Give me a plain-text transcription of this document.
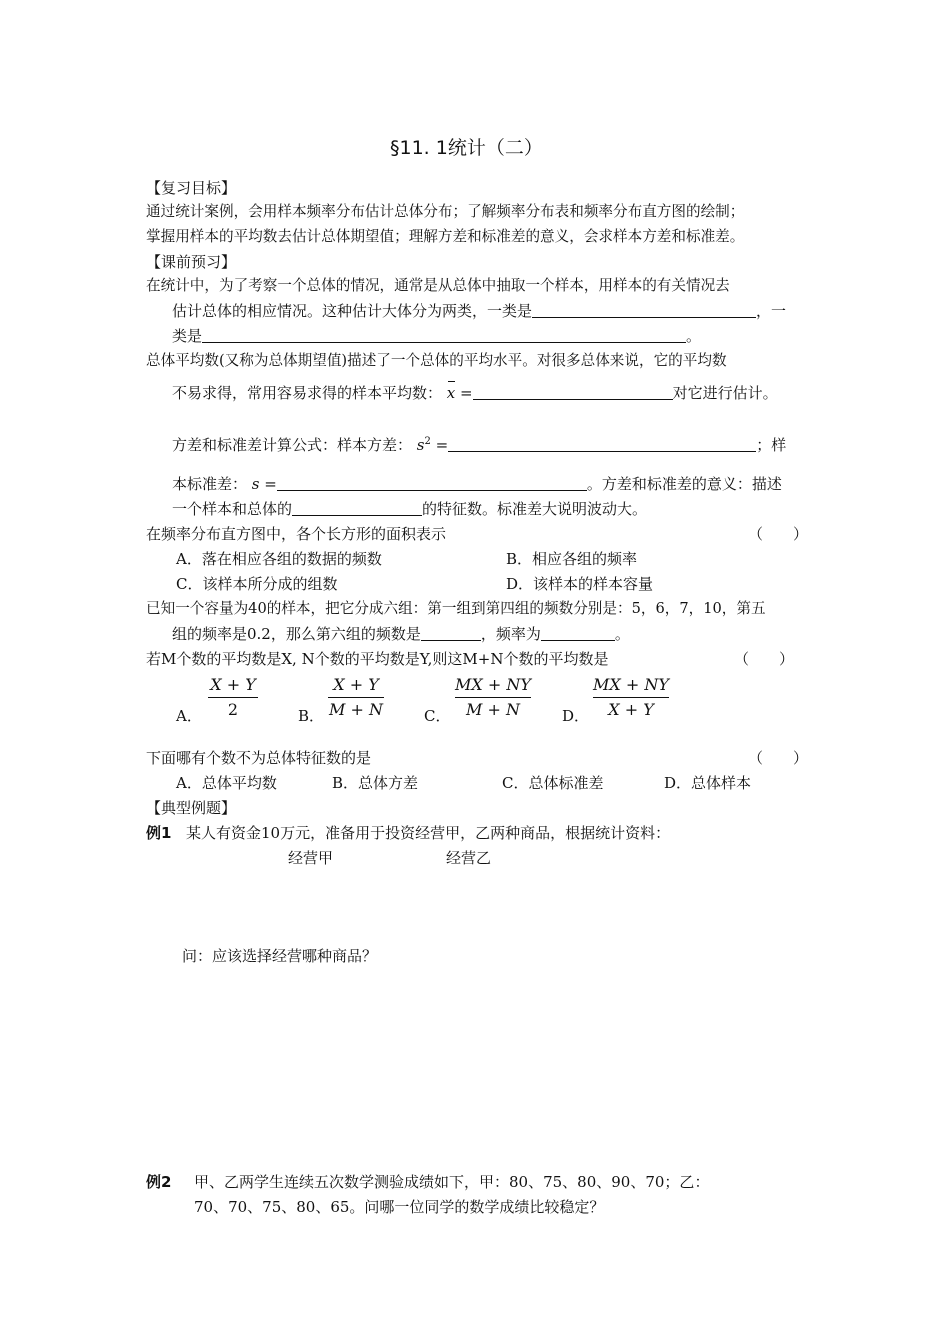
§11. 1统计（二）
【复习目标】
通过统计案例，会用样本频率分布估计总体分布；了解频率分布表和频率分布直方图的绘制；
掌握用样本的平均数去估计总体期望值；理解方差和标准差的意义，会求样本方差和标准差。
【课前预习】
在统计中，为了考察一个总体的情况，通常是从总体中抽取一个样本，用样本的有关情况去
估计总体的相应情况。这种估计大体分为两类，一类是	，一
类是	。
总体平均数(又称为总体期望值)描述了一个总体的平均水平。对很多总体来说，它的平均数
不易求得，常用容易求得的样本平均数： x =	对它进行估计。
方差和标准差计算公式：样本方差： $s^2$ =	；样
本标准差： s =	。方差和标准差的意义：描述
一个样本和总体的	的特征数。标准差大说明波动大。
在频率分布直方图中，各个长方形的面积表示	（　　）
A．落在相应各组的数据的频数	B．相应各组的频率
C．该样本所分成的组数	D．该样本的样本容量
已知一个容量为40的样本，把它分成六组：第一组到第四组的频数分别是：5，6，7，10，第五
组的频率是0.2，那么第六组的频数是	，频率为	。
若M个数的平均数是X, N个数的平均数是Y,则这M+N个数的平均数是	（　　）
A．
X + Y
2	B．
X + Y
M + N	C．
MX + NY
M + N	D．
MX + NY
X + Y
下面哪有个数不为总体特征数的是	（　　）
A．总体平均数	B．总体方差	C．总体标准差	D．总体样本
【典型例题】
例1 某人有资金10万元，准备用于投资经营甲，乙两种商品，根据统计资料：
经营甲	经营乙
问：应该选择经营哪种商品？
例2 甲、乙两学生连续五次数学测验成绩如下，甲：80、75、80、90、70；乙：
70、70、75、80、65。问哪一位同学的数学成绩比较稳定？
